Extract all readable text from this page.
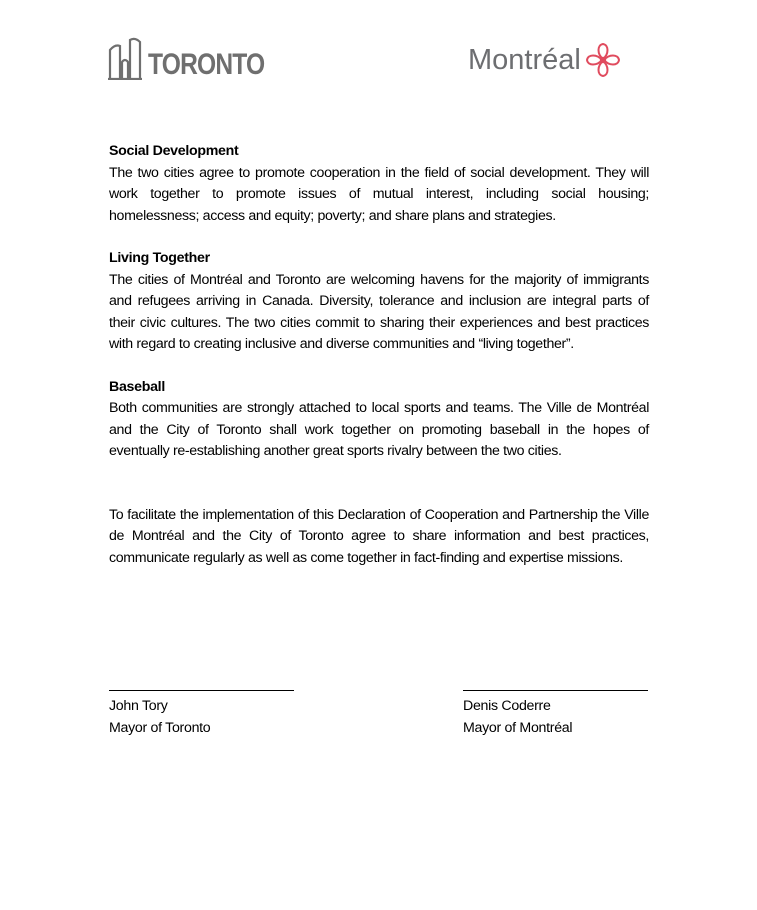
TORONTO	Montréal

Social Development

The two cities agree to promote cooperation in the field of social development. They will work together to promote issues of mutual interest, including social housing; homelessness; access and equity; poverty; and share plans and strategies.

Living Together

The cities of Montréal and Toronto are welcoming havens for the majority of immigrants and refugees arriving in Canada. Diversity, tolerance and inclusion are integral parts of their civic cultures. The two cities commit to sharing their experiences and best practices with regard to creating inclusive and diverse communities and “living together”.

Baseball

Both communities are strongly attached to local sports and teams. The Ville de Montréal and the City of Toronto shall work together on promoting baseball in the hopes of eventually re-establishing another great sports rivalry between the two cities.

To facilitate the implementation of this Declaration of Cooperation and Partnership the Ville de Montréal and the City of Toronto agree to share information and best practices, communicate regularly as well as come together in fact-finding and expertise missions.

John Tory
Mayor of Toronto
Denis Coderre
Mayor of Montréal
